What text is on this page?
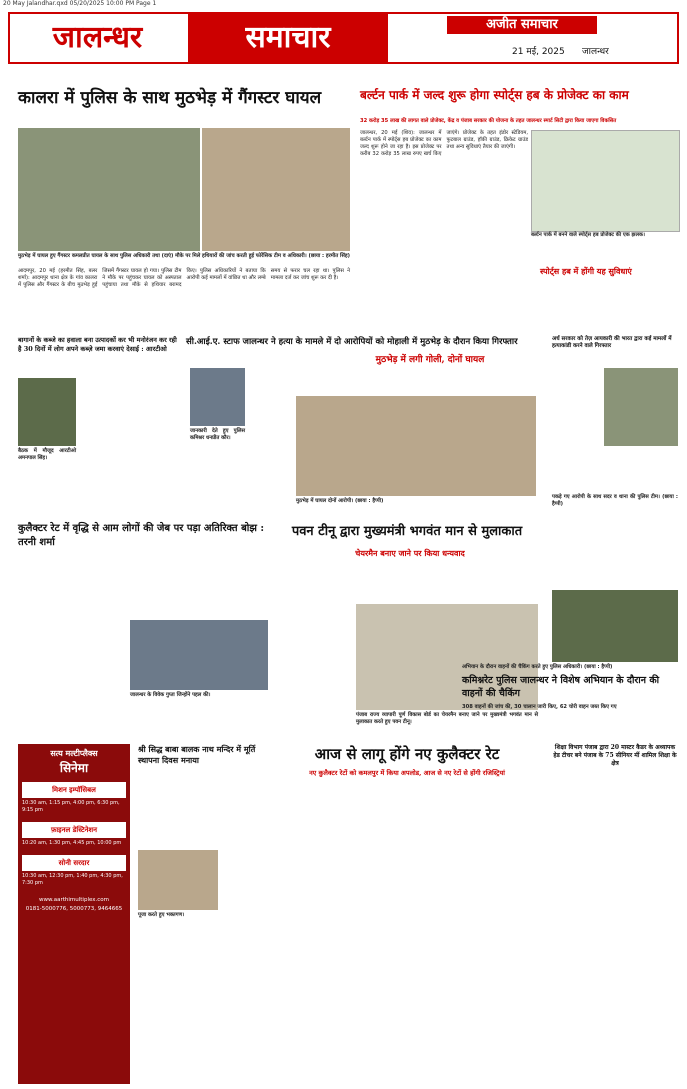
20 May Jalandhar.qxd 05/20/2025 10:00 PM Page 1
जालन्धर	समाचार	अजीत समाचार
21 मई, 2025 जालन्धर
कालरा में पुलिस के साथ मुठभेड़ में गैंगस्टर घायल
मुठभेड़ में घायल हुए गैंगस्टर कमलप्रीत घायल के साथ पुलिस अधिकारी तथा (दाएं) मौके पर मिले हथियारों की जांच करती हुई फोरेंसिक टीम व अधिकारी। (छाया : हरमीत सिंह)
आदमपुर, 20 मई (हरमीत सिंह, बलर शर्मा): आदमपुर थाना क्षेत्र के गांव कालरा में पुलिस और गैंगस्टर के बीच मुठभेड़ हुई जिसमें गैंगस्टर घायल हो गया। पुलिस टीम ने मौके पर पहुंचकर घायल को अस्पताल पहुंचाया तथा मौके से हथियार बरामद किए। पुलिस अधिकारियों ने बताया कि आरोपी कई मामलों में वांछित था और लम्बे समय से फरार चल रहा था। पुलिस ने मामला दर्ज कर जांच शुरू कर दी है।
बर्ल्टन पार्क में जल्द शुरू होगा स्पोर्ट्स हब के प्रोजेक्ट का काम
32 करोड़ 35 लाख की लागत वाले प्रोजेक्ट, केंद्र व पंजाब सरकार की योजना के तहत जालन्धर स्मार्ट सिटी द्वारा किया जाएगा विकसित
जालन्धर, 20 मई (शिव): जालन्धर में बर्ल्टन पार्क में स्पोर्ट्स हब प्रोजेक्ट का काम जल्द शुरू होने जा रहा है। इस प्रोजेक्ट पर करीब 32 करोड़ 35 लाख रुपए खर्च किए जाएंगे। प्रोजेक्ट के तहत इंडोर स्टेडियम, फुटबाल ग्राउंड, हॉकी ग्राउंड, क्रिकेट ग्राउंड तथा अन्य सुविधाएं तैयार की जाएंगी।
बर्ल्टन पार्क में बनने वाले स्पोर्ट्स हब प्रोजेक्ट की एक झलक।
स्पोर्ट्स हब में होंगी यह सुविधाएं
सी.आई.ए. स्टाफ जालन्धर ने हत्या के मामले में दो आरोपियों को मोहाली में मुठभेड़ के दौरान किया गिरफ्तार
मुठभेड़ में लगी गोली, दोनों घायल
जानकारी देते हुए पुलिस कमिश्नर धनप्रीत कौर।
मुठभेड़ में घायल दोनों आरोपी। (छाया : हैप्पी)
बागानों के कब्जे का हवाला बना उत्पादकों कर भी मनोरंजन कर रही है 30 दिनों में लोग अपने कब्ज़े जमा करवाएं देसाई : आरटीओ
बैठक में मौजूद आरटीओ अमनपाल सिंह।
अर्ध सरकार को तेज़ आयकारी की भारत द्वारा कई मामलों में हत्याकांडी करने वाले गिरफ्तार
पकड़े गए आरोपी के साथ सदर व थाना की पुलिस टीम। (छाया : हैप्पी)
कुलैक्टर रेट में वृद्धि से आम लोगों की जेब पर पड़ा अतिरिक्त बोझ : तरनी शर्मा
जालन्धर के विवेक गुप्ता जिन्होंने पहल की।
पवन टीनू द्वारा मुख्यमंत्री भगवंत मान से मुलाकात
चेयरमैन बनाए जाने पर किया धन्यवाद
पंजाब राज्य व्यापारी पूर्ण विकास बोर्ड का चेयरमैन बनाए जाने पर मुख्यमंत्री भगवंत मान से मुलाकात करते हुए पवन टीनू।
अभियान के दौरान वाहनों की चैकिंग करते हुए पुलिस अधिकारी। (छाया : हैप्पी)
कमिश्नरेट पुलिस जालन्धर ने विशेष अभियान के दौरान की वाहनों की चैकिंग
308 वाहनों की जांच की, 30 चालान जारी किए, 62 चोरी वाहन जब्त किए गए
सत्य मल्टीप्लैक्स
सिनेमा
मिशन इम्पॉसिबल
10:30 am, 1:15 pm, 4:00 pm, 6:30 pm, 9:15 pm
फ़ाइनल डेस्टिनेशन
10:20 am, 1:30 pm, 4:45 pm, 10:00 pm
सोनी सरदार
10:30 am, 12:30 pm, 1:40 pm, 4:30 pm, 7:30 pm
www.aarthimultiplex.com
0181-5000776, 5000773, 9464665
श्री सिद्ध बाबा बालक नाथ मन्दिर में मूर्ति स्थापना दिवस मनाया
पूजा करते हुए भक्तगण।
आज से लागू होंगे नए कुलैक्टर रेट
नए कुलैक्टर रेटों को कमलपुर में किया अपलोड, आज से नए रेटों से होंगी रजिस्ट्रियां
शिक्षा विभाग पंजाब द्वारा 20 मास्टर कैडर के अध्यापक हेड टीचर बने पंजाब के 75 सीनियर मीं शामिल शिक्षा के क्षेत्र
